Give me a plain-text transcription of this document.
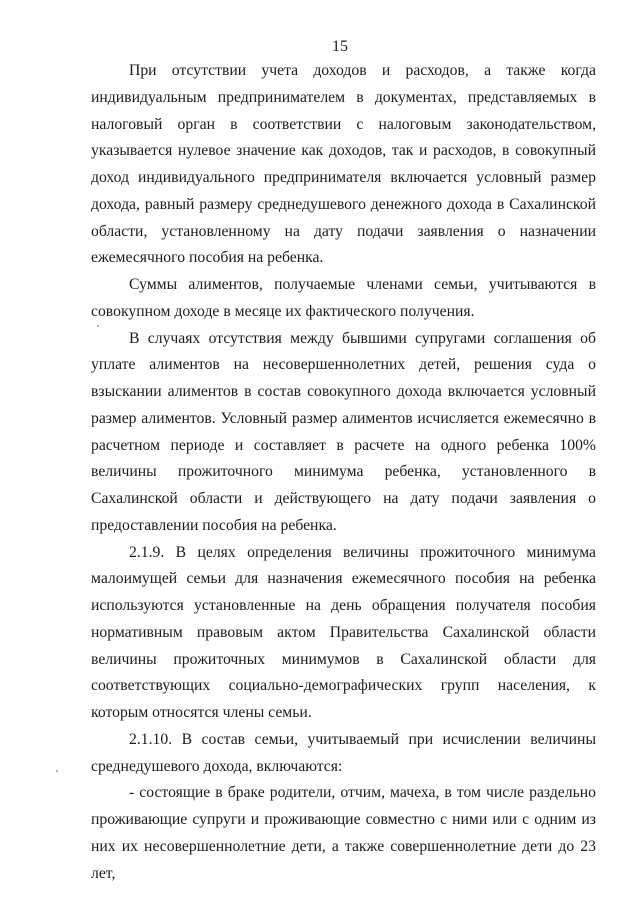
15

При отсутствии учета доходов и расходов, а также когда индивидуальным предпринимателем в документах, представляемых в налоговый орган в соответствии с налоговым законодательством, указывается нулевое значение как доходов, так и расходов, в совокупный доход индивидуального предпринимателя включается условный размер дохода, равный размеру среднедушевого денежного дохода в Сахалинской области, установленному на дату подачи заявления о назначении ежемесячного пособия на ребенка.

Суммы алиментов, получаемые членами семьи, учитываются в совокупном доходе в месяце их фактического получения.

В случаях отсутствия между бывшими супругами соглашения об уплате алиментов на несовершеннолетних детей, решения суда о взыскании алиментов в состав совокупного дохода включается условный размер алиментов. Условный размер алиментов исчисляется ежемесячно в расчетном периоде и составляет в расчете на одного ребенка 100% величины прожиточного минимума ребенка, установленного в Сахалинской области и действующего на дату подачи заявления о предоставлении пособия на ребенка.

2.1.9. В целях определения величины прожиточного минимума малоимущей семьи для назначения ежемесячного пособия на ребенка используются установленные на день обращения получателя пособия нормативным правовым актом Правительства Сахалинской области величины прожиточных минимумов в Сахалинской области для соответствующих социально-демографических групп населения, к которым относятся члены семьи.

2.1.10. В состав семьи, учитываемый при исчислении величины среднедушевого дохода, включаются:

- состоящие в браке родители, отчим, мачеха, в том числе раздельно проживающие супруги и проживающие совместно с ними или с одним из них их несовершеннолетние дети, а также совершеннолетние дети до 23 лет,
